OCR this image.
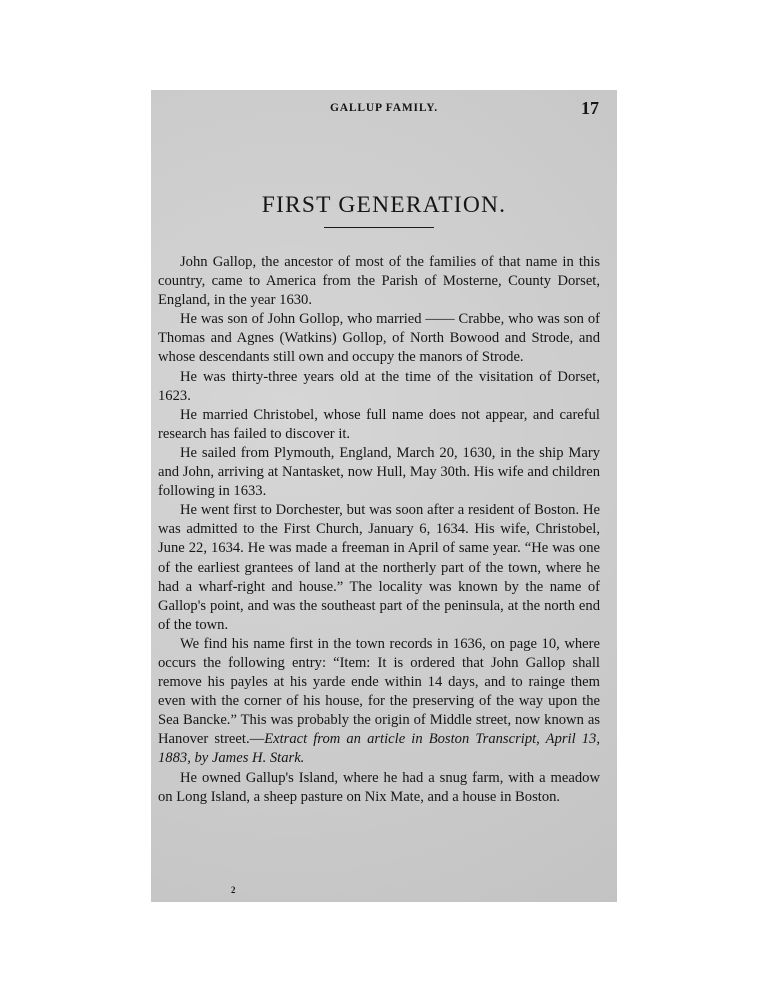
GALLUP FAMILY.	17
FIRST GENERATION.

John Gallop, the ancestor of most of the families of that name in this country, came to America from the Parish of Mosterne, County Dorset, England, in the year 1630.

He was son of John Gollop, who married —— Crabbe, who was son of Thomas and Agnes (Watkins) Gollop, of North Bowood and Strode, and whose descendants still own and occupy the manors of Strode.

He was thirty-three years old at the time of the visitation of Dorset, 1623.

He married Christobel, whose full name does not appear, and careful research has failed to discover it.

He sailed from Plymouth, England, March 20, 1630, in the ship Mary and John, arriving at Nantasket, now Hull, May 30th. His wife and children following in 1633.

He went first to Dorchester, but was soon after a resident of Boston. He was admitted to the First Church, January 6, 1634. His wife, Christobel, June 22, 1634. He was made a freeman in April of same year. “He was one of the earliest grantees of land at the northerly part of the town, where he had a wharf-right and house.” The locality was known by the name of Gallop's point, and was the southeast part of the peninsula, at the north end of the town.

We find his name first in the town records in 1636, on page 10, where occurs the following entry: “Item: It is ordered that John Gallop shall remove his payles at his yarde ende within 14 days, and to rainge them even with the corner of his house, for the preserving of the way upon the Sea Bancke.” This was probably the origin of Middle street, now known as Hanover street.—Extract from an article in Boston Transcript, April 13, 1883, by James H. Stark.

He owned Gallup's Island, where he had a snug farm, with a meadow on Long Island, a sheep pasture on Nix Mate, and a house in Boston.

2
